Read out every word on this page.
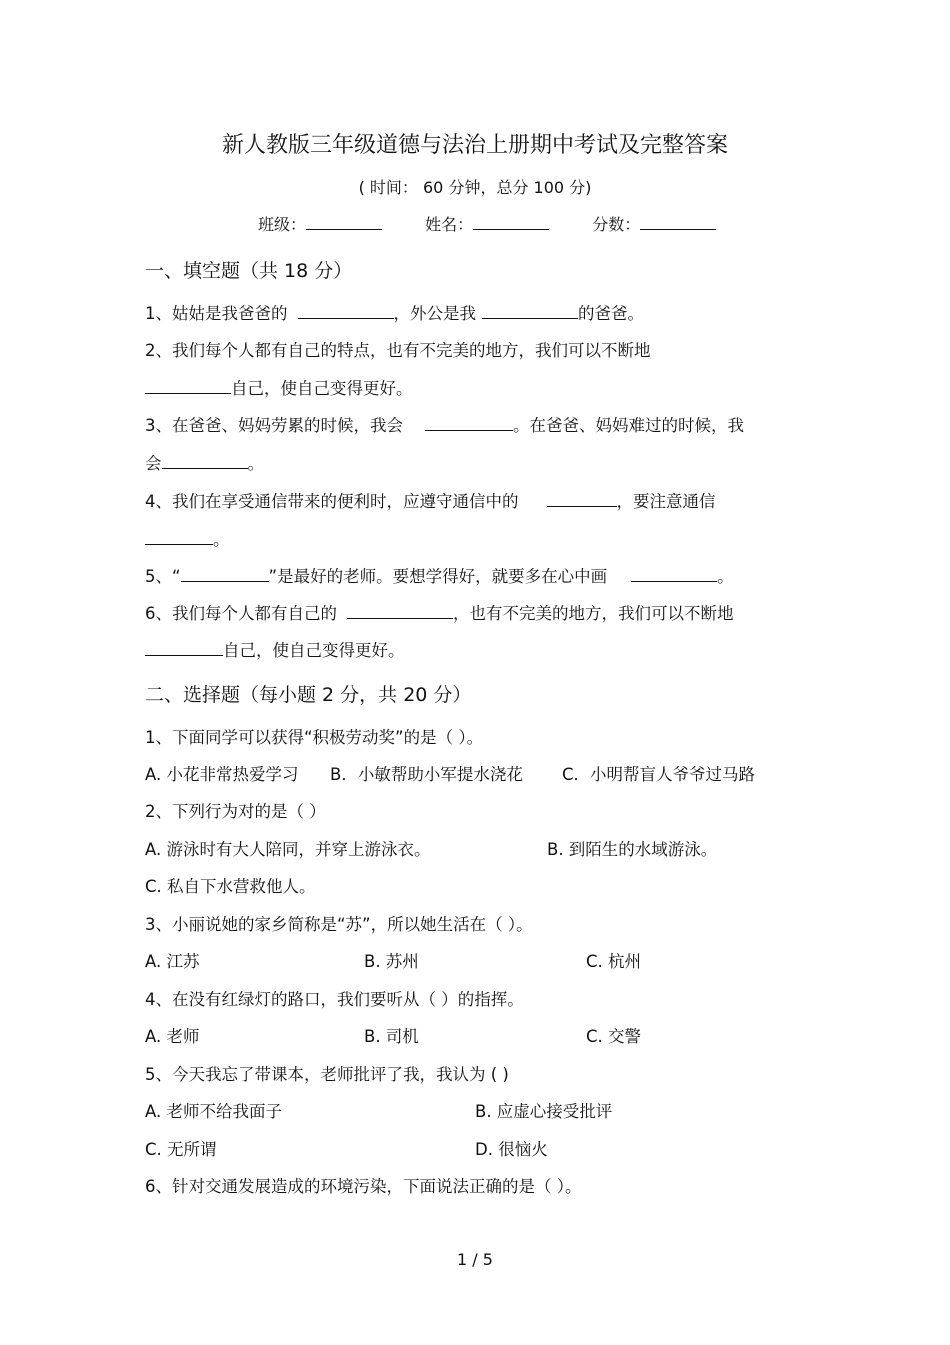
新人教版三年级道德与法治上册期中考试及完整答案
( 时间： 60 分钟，总分 100 分)
班级：	姓名：	分数：
一、填空题（共 18 分）
1、姑姑是我爸爸的	，外公是我	的爸爸。
2、我们每个人都有自己的特点，也有不完美的地方，我们可以不断地
自己，使自己变得更好。
3、在爸爸、妈妈劳累的时候，我会	。在爸爸、妈妈难过的时候，我
会	。
4、我们在享受通信带来的便利时，应遵守通信中的	，要注意通信
。
5、“	”是最好的老师。要想学得好，就要多在心中画	。
6、我们每个人都有自己的	，也有不完美的地方，我们可以不断地
自己，使自己变得更好。
二、选择题（每小题 2 分，共 20 分）
1、下面同学可以获得“积极劳动奖”的是（ ）。
A. 小花非常热爱学习 B．小敏帮助小军提水浇花 C．小明帮盲人爷爷过马路
2、下列行为对的是（ ）
A. 游泳时有大人陪同，并穿上游泳衣。	B. 到陌生的水域游泳。
C. 私自下水营救他人。
3、小丽说她的家乡简称是“苏”，所以她生活在（ ）。
A. 江苏	B. 苏州	C. 杭州
4、在没有红绿灯的路口，我们要听从（ ）的指挥。
A. 老师	B. 司机	C. 交警
5、今天我忘了带课本，老师批评了我，我认为 ( )
A. 老师不给我面子	B. 应虚心接受批评
C. 无所谓	D. 很恼火
6、针对交通发展造成的环境污染，下面说法正确的是（ ）。
1 / 5
